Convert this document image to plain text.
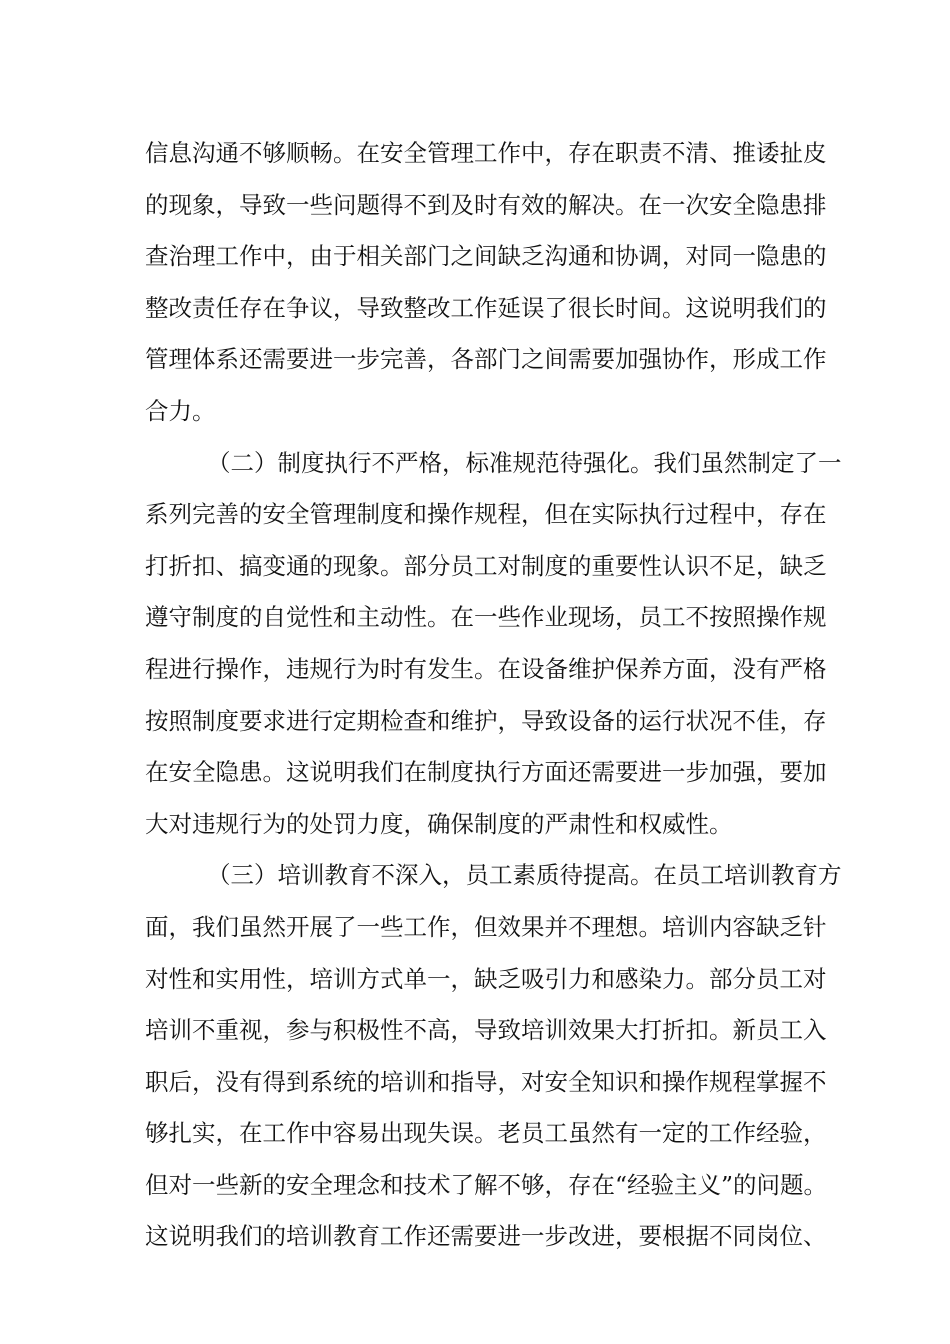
信息沟通不够顺畅。在安全管理工作中，存在职责不清、推诿扯皮
的现象，导致一些问题得不到及时有效的解决。在一次安全隐患排
查治理工作中，由于相关部门之间缺乏沟通和协调，对同一隐患的
整改责任存在争议，导致整改工作延误了很长时间。这说明我们的
管理体系还需要进一步完善，各部门之间需要加强协作，形成工作
合力。
（二）制度执行不严格，标准规范待强化。我们虽然制定了一
系列完善的安全管理制度和操作规程，但在实际执行过程中，存在
打折扣、搞变通的现象。部分员工对制度的重要性认识不足，缺乏
遵守制度的自觉性和主动性。在一些作业现场，员工不按照操作规
程进行操作，违规行为时有发生。在设备维护保养方面，没有严格
按照制度要求进行定期检查和维护，导致设备的运行状况不佳，存
在安全隐患。这说明我们在制度执行方面还需要进一步加强，要加
大对违规行为的处罚力度，确保制度的严肃性和权威性。
（三）培训教育不深入，员工素质待提高。在员工培训教育方
面，我们虽然开展了一些工作，但效果并不理想。培训内容缺乏针
对性和实用性，培训方式单一，缺乏吸引力和感染力。部分员工对
培训不重视，参与积极性不高，导致培训效果大打折扣。新员工入
职后，没有得到系统的培训和指导，对安全知识和操作规程掌握不
够扎实，在工作中容易出现失误。老员工虽然有一定的工作经验，
但对一些新的安全理念和技术了解不够，存在“经验主义”的问题。
这说明我们的培训教育工作还需要进一步改进，要根据不同岗位、
